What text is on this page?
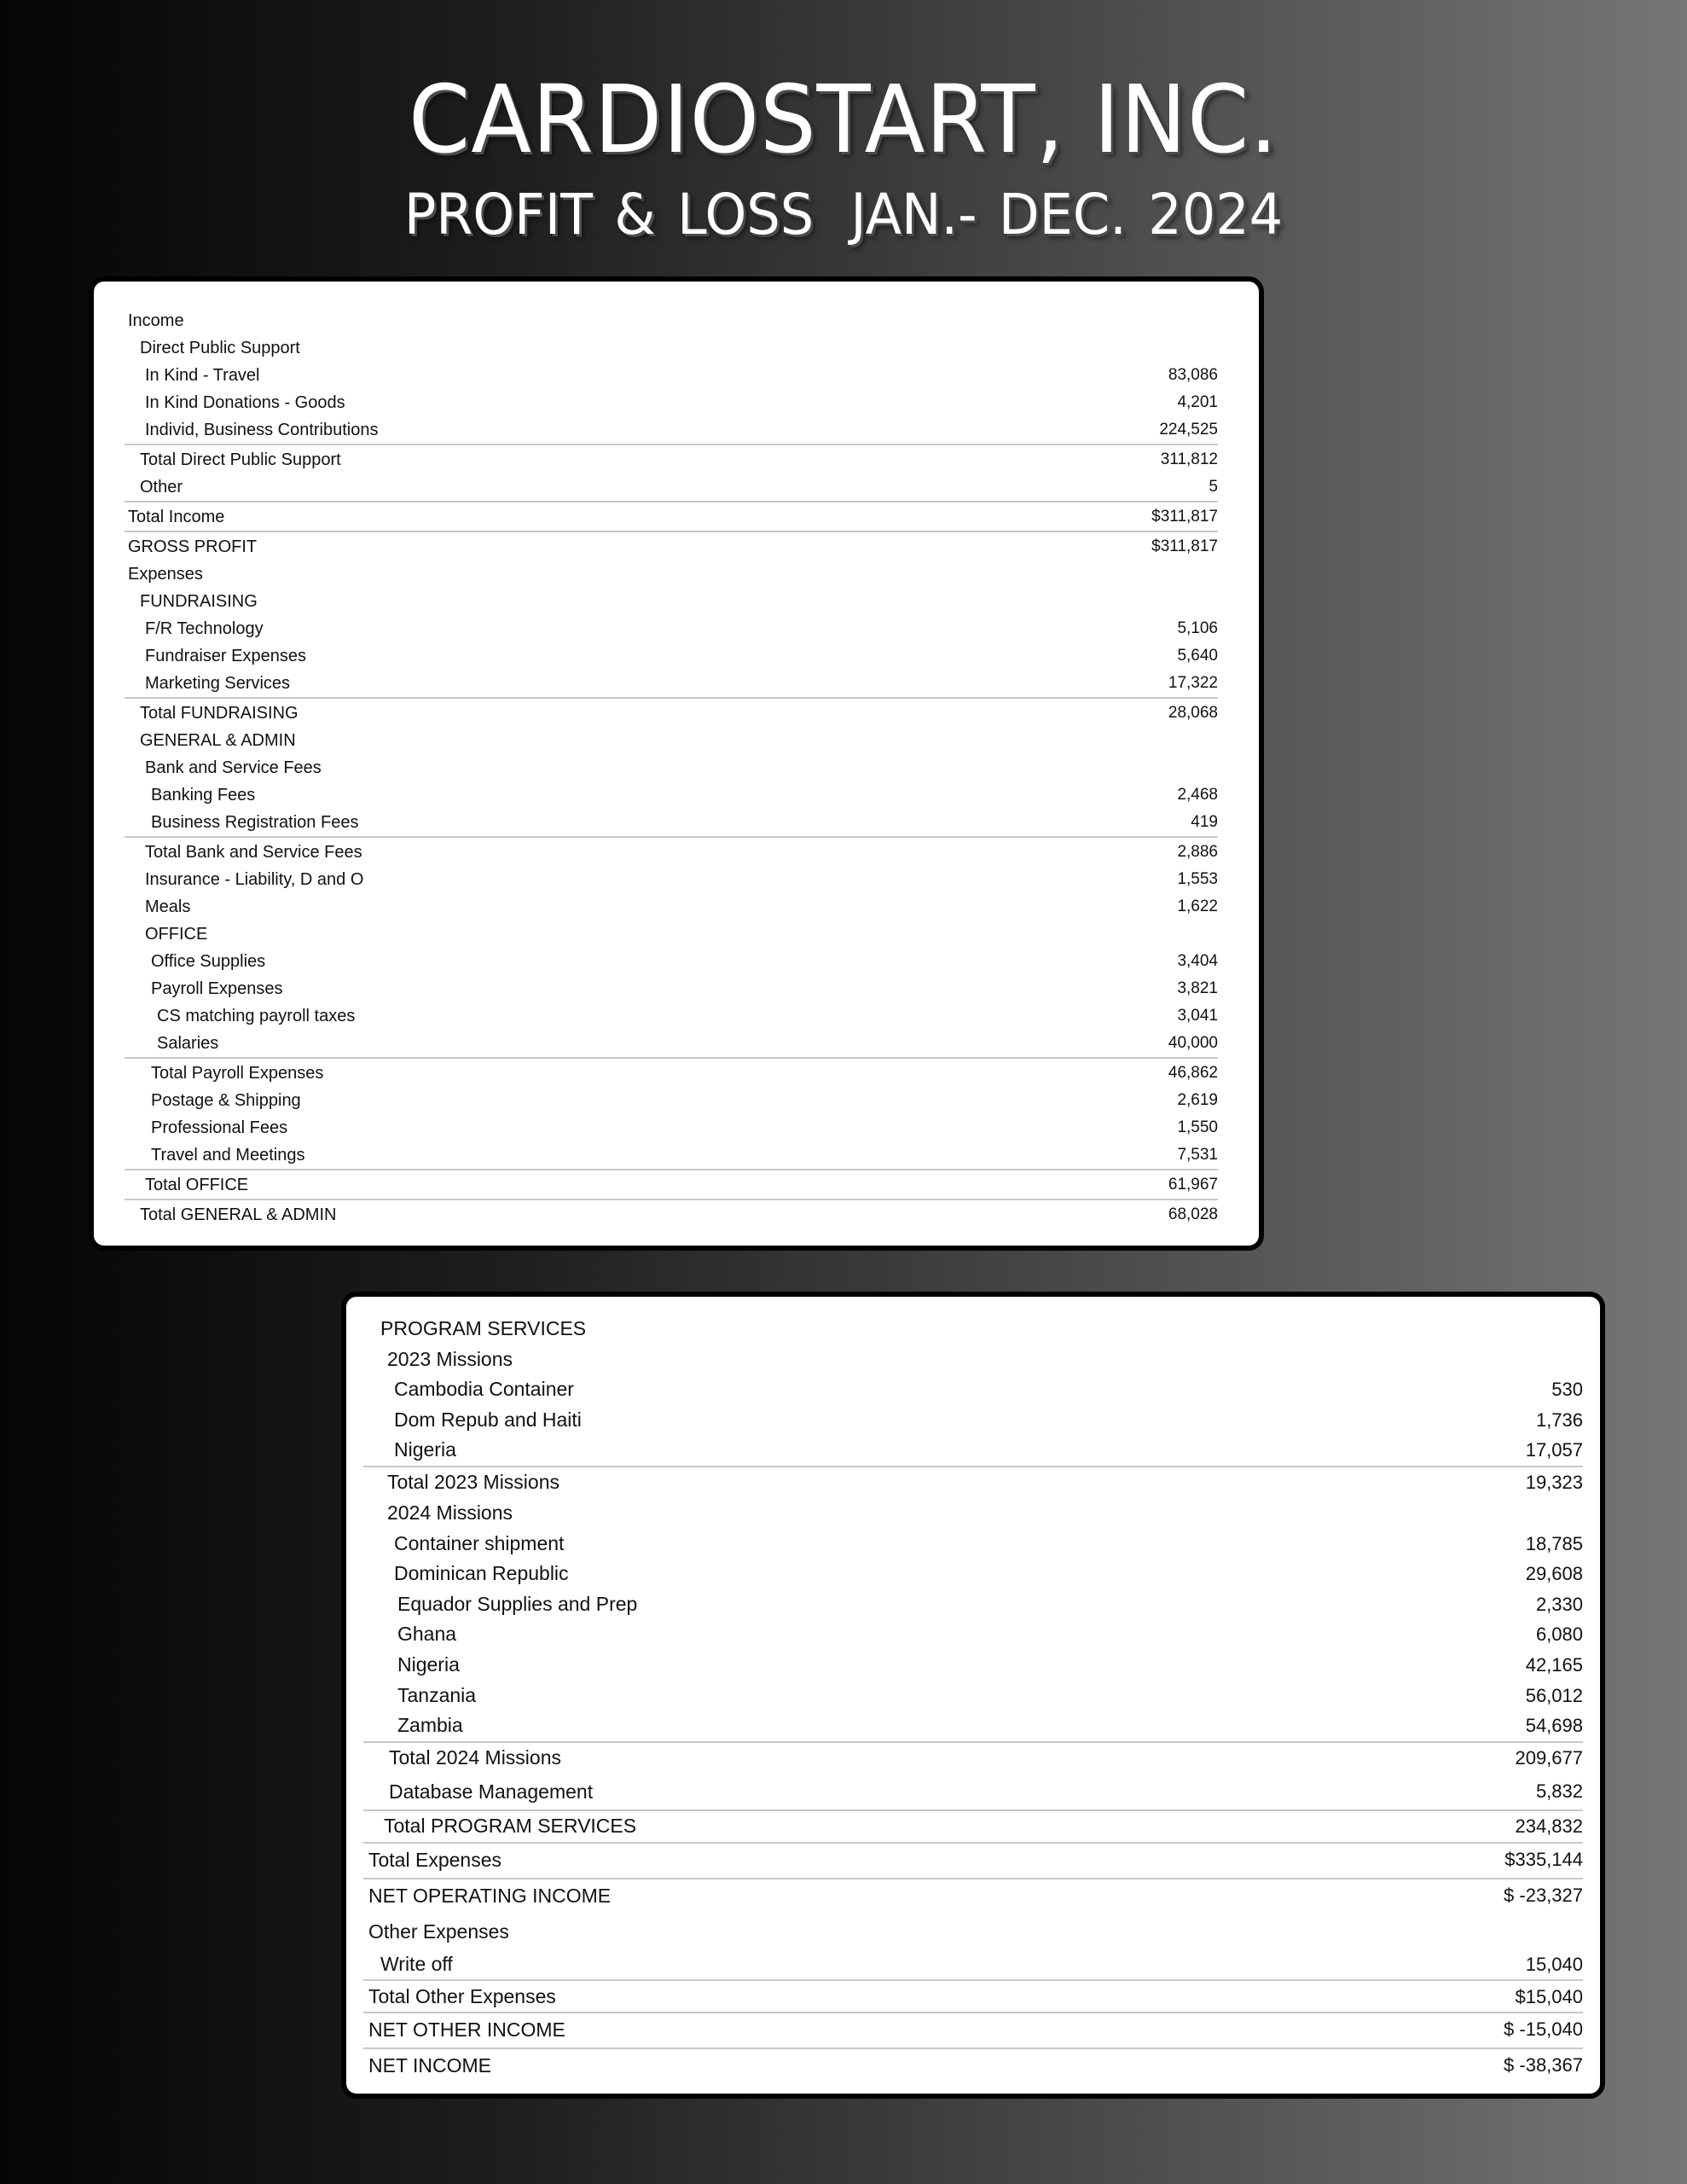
CARDIOSTART, INC.
PROFIT & LOSS JAN.- DEC. 2024
Income
Direct Public Support
In Kind - Travel	83,086
In Kind Donations - Goods	4,201
Individ, Business Contributions	224,525
Total Direct Public Support	311,812
Other	5
Total Income	$311,817
GROSS PROFIT	$311,817
Expenses
FUNDRAISING
F/R Technology	5,106
Fundraiser Expenses	5,640
Marketing Services	17,322
Total FUNDRAISING	28,068
GENERAL & ADMIN
Bank and Service Fees
Banking Fees	2,468
Business Registration Fees	419
Total Bank and Service Fees	2,886
Insurance - Liability, D and O	1,553
Meals	1,622
OFFICE
Office Supplies	3,404
Payroll Expenses	3,821
CS matching payroll taxes	3,041
Salaries	40,000
Total Payroll Expenses	46,862
Postage & Shipping	2,619
Professional Fees	1,550
Travel and Meetings	7,531
Total OFFICE	61,967
Total GENERAL & ADMIN	68,028
PROGRAM SERVICES
2023 Missions
Cambodia Container	530
Dom Repub and Haiti	1,736
Nigeria	17,057
Total 2023 Missions	19,323
2024 Missions
Container shipment	18,785
Dominican Republic	29,608
Equador Supplies and Prep	2,330
Ghana	6,080
Nigeria	42,165
Tanzania	56,012
Zambia	54,698
Total 2024 Missions	209,677
Database Management	5,832
Total PROGRAM SERVICES	234,832
Total Expenses	$335,144
NET OPERATING INCOME	$ -23,327
Other Expenses
Write off	15,040
Total Other Expenses	$15,040
NET OTHER INCOME	$ -15,040
NET INCOME	$ -38,367
